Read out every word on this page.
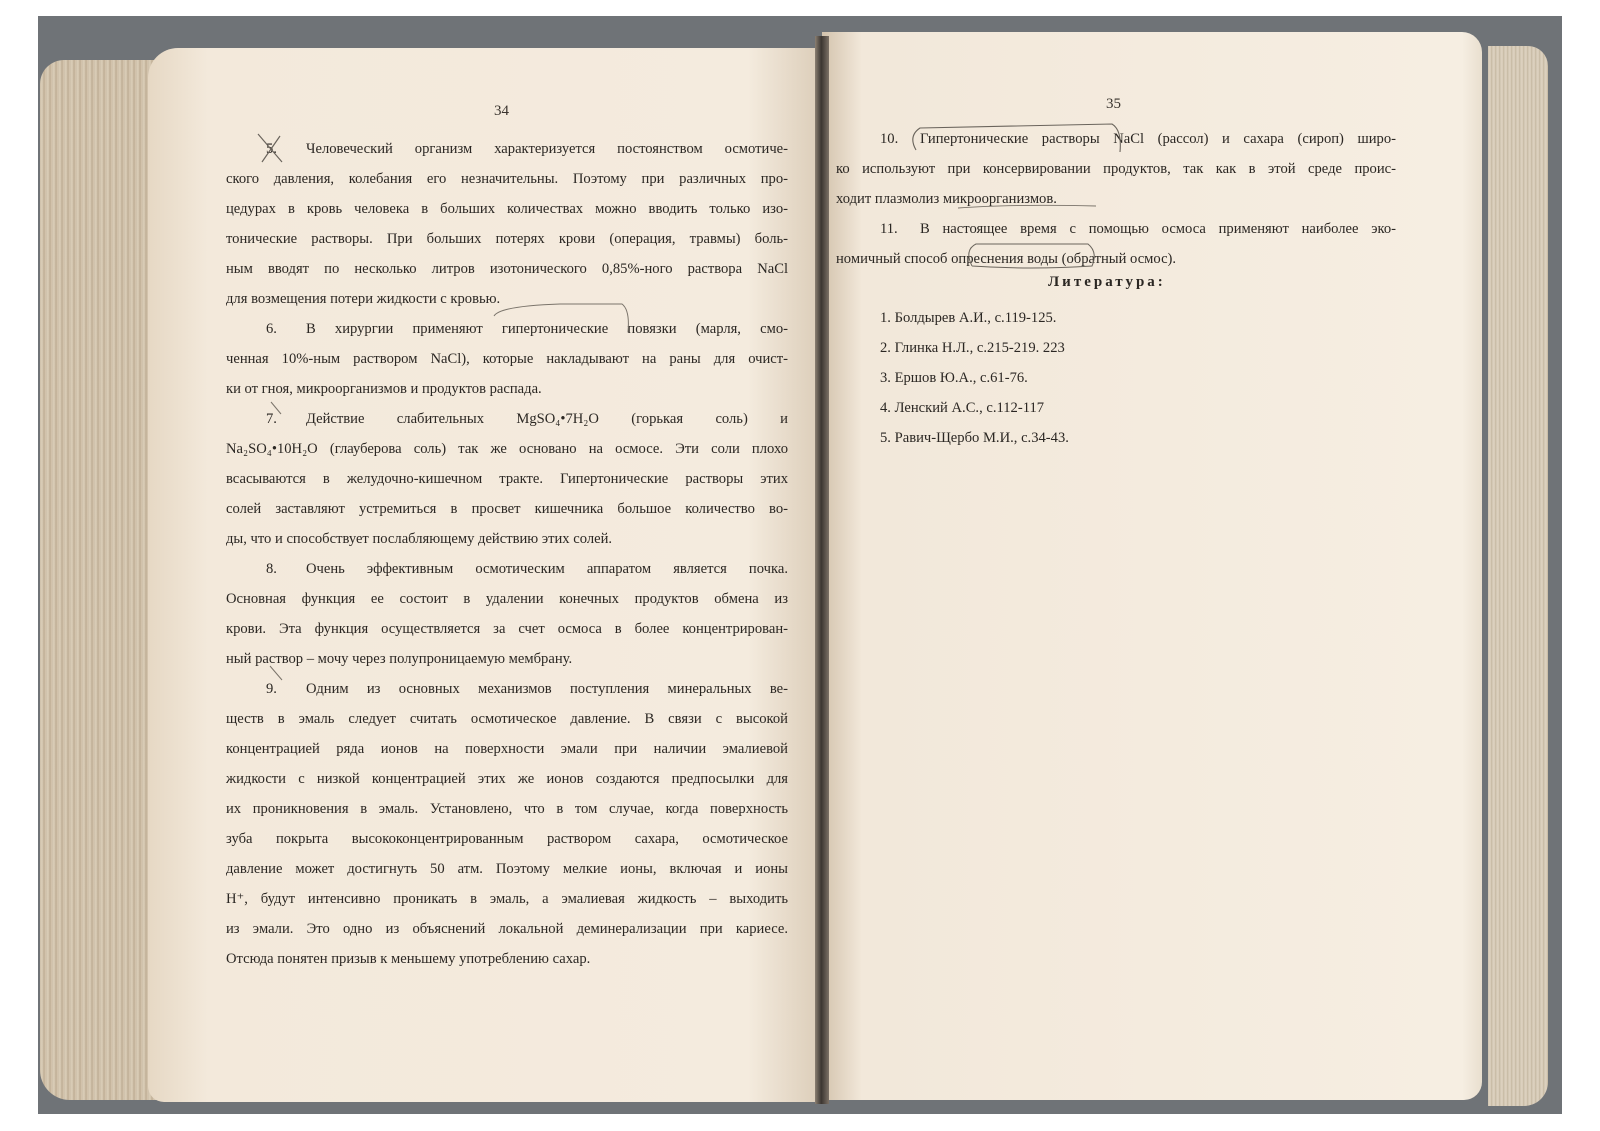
34
5. Человеческий организм характеризуется постоянством осмотиче-
ского давления, колебания его незначительны. Поэтому при различных про-
цедурах в кровь человека в больших количествах можно вводить только изо-
тонические растворы. При больших потерях крови (операция, травмы) боль-
ным вводят по несколько литров изотонического 0,85%-ного раствора NaCl
для возмещения потери жидкости с кровью.
6. В хирургии применяют гипертонические повязки (марля, смо-
ченная 10%-ным раствором NaCl), которые накладывают на раны для очист-
ки от гноя, микроорганизмов и продуктов распада.
7. Действие слабительных MgSO₄•7H₂O (горькая соль) и
Na₂SO₄•10H₂O (глауберова соль) так же основано на осмосе. Эти соли плохо
всасываются в желудочно-кишечном тракте. Гипертонические растворы этих
солей заставляют устремиться в просвет кишечника большое количество во-
ды, что и способствует послабляющему действию этих солей.
8. Очень эффективным осмотическим аппаратом является почка.
Основная функция ее состоит в удалении конечных продуктов обмена из
крови. Эта функция осуществляется за счет осмоса в более концентрирован-
ный раствор – мочу через полупроницаемую мембрану.
9. Одним из основных механизмов поступления минеральных ве-
ществ в эмаль следует считать осмотическое давление. В связи с высокой
концентрацией ряда ионов на поверхности эмали при наличии эмалиевой
жидкости с низкой концентрацией этих же ионов создаются предпосылки для
их проникновения в эмаль. Установлено, что в том случае, когда поверхность
зуба покрыта высококонцентрированным раствором сахара, осмотическое
давление может достигнуть 50 атм. Поэтому мелкие ионы, включая и ионы
H⁺, будут интенсивно проникать в эмаль, а эмалиевая жидкость – выходить
из эмали. Это одно из объяснений локальной деминерализации при кариесе.
Отсюда понятен призыв к меньшему употреблению сахар.
35
10. Гипертонические растворы NaCl (рассол) и сахара (сироп) широ-
ко используют при консервировании продуктов, так как в этой среде проис-
ходит плазмолиз микроорганизмов.
11. В настоящее время с помощью осмоса применяют наиболее эко-
номичный способ опреснения воды (обратный осмос).
Литература:
1. Болдырев А.И., с.119-125.
2. Глинка Н.Л., с.215-219. 223
3. Ершов Ю.А., с.61-76.
4. Ленский А.С., с.112-117
5. Равич-Щербо М.И., с.34-43.
